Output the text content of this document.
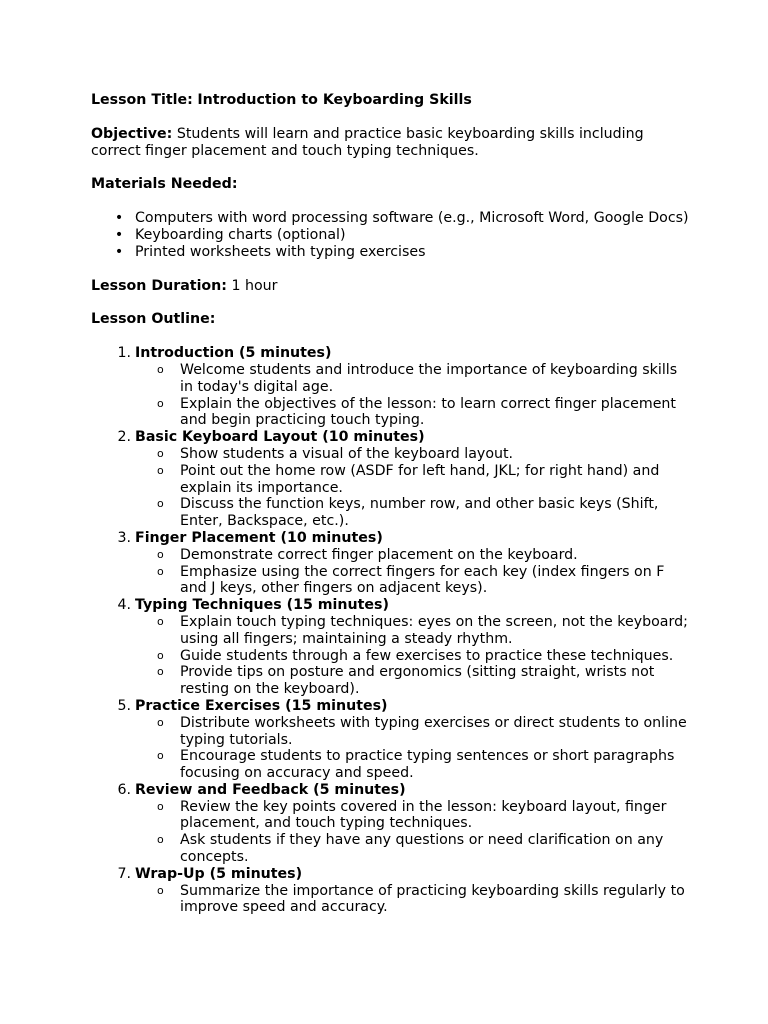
Lesson Title: Introduction to Keyboarding Skills

Objective: Students will learn and practice basic keyboarding skills including correct finger placement and touch typing techniques.

Materials Needed:

• Computers with word processing software (e.g., Microsoft Word, Google Docs)
• Keyboarding charts (optional)
• Printed worksheets with typing exercises

Lesson Duration: 1 hour

Lesson Outline:

1. Introduction (5 minutes)
o Welcome students and introduce the importance of keyboarding skills in today's digital age.
o Explain the objectives of the lesson: to learn correct finger placement and begin practicing touch typing.
2. Basic Keyboard Layout (10 minutes)
o Show students a visual of the keyboard layout.
o Point out the home row (ASDF for left hand, JKL; for right hand) and explain its importance.
o Discuss the function keys, number row, and other basic keys (Shift, Enter, Backspace, etc.).
3. Finger Placement (10 minutes)
o Demonstrate correct finger placement on the keyboard.
o Emphasize using the correct fingers for each key (index fingers on F and J keys, other fingers on adjacent keys).
4. Typing Techniques (15 minutes)
o Explain touch typing techniques: eyes on the screen, not the keyboard; using all fingers; maintaining a steady rhythm.
o Guide students through a few exercises to practice these techniques.
o Provide tips on posture and ergonomics (sitting straight, wrists not resting on the keyboard).
5. Practice Exercises (15 minutes)
o Distribute worksheets with typing exercises or direct students to online typing tutorials.
o Encourage students to practice typing sentences or short paragraphs focusing on accuracy and speed.
6. Review and Feedback (5 minutes)
o Review the key points covered in the lesson: keyboard layout, finger placement, and touch typing techniques.
o Ask students if they have any questions or need clarification on any concepts.
7. Wrap-Up (5 minutes)
o Summarize the importance of practicing keyboarding skills regularly to improve speed and accuracy.
